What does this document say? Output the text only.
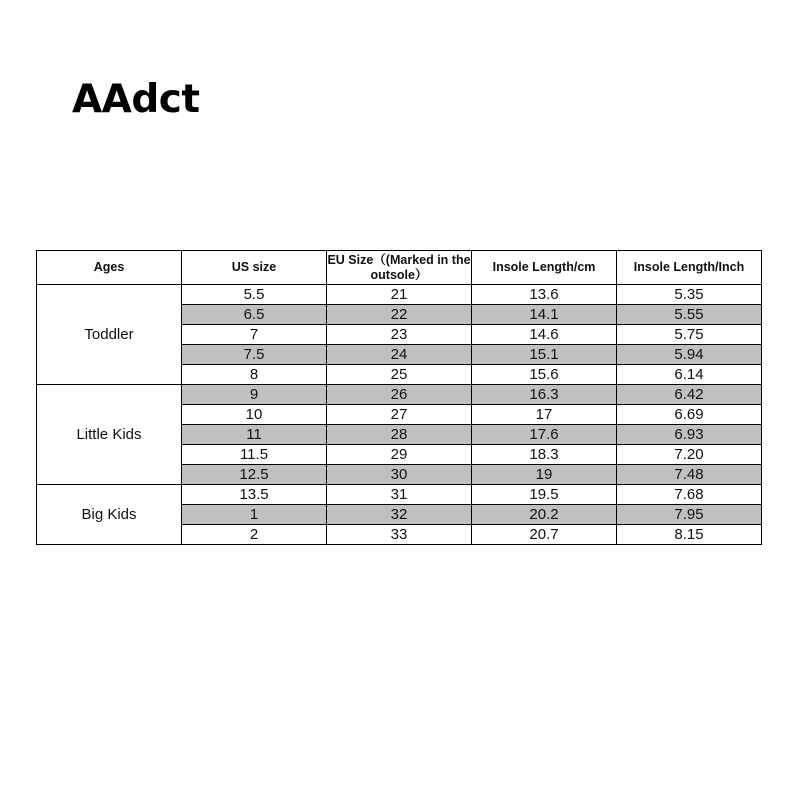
AAdct
Ages	US size	EU Size（(Marked in the outsole）	Insole Length/cm	Insole Length/Inch
Toddler	5.5	21	13.6	5.35
	6.5	22	14.1	5.55
	7	23	14.6	5.75
	7.5	24	15.1	5.94
	8	25	15.6	6.14
Little Kids	9	26	16.3	6.42
	10	27	17	6.69
	11	28	17.6	6.93
	11.5	29	18.3	7.20
	12.5	30	19	7.48
Big Kids	13.5	31	19.5	7.68
	1	32	20.2	7.95
	2	33	20.7	8.15
